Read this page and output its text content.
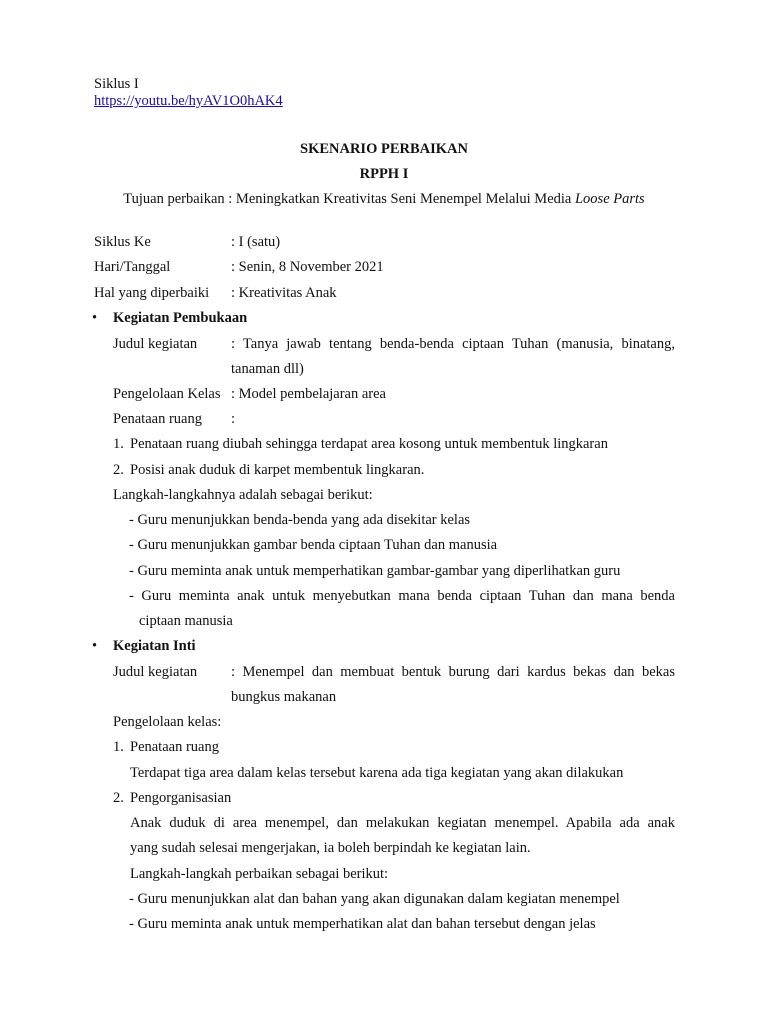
Siklus I
https://youtu.be/hyAV1O0hAK4
SKENARIO PERBAIKAN
RPPH I
Tujuan perbaikan : Meningkatkan Kreativitas Seni Menempel Melalui Media Loose Parts
Siklus Ke	: I (satu)
Hari/Tanggal	: Senin, 8 November 2021
Hal yang diperbaiki : Kreativitas Anak
• Kegiatan Pembukaan
Judul kegiatan : Tanya jawab tentang benda-benda ciptaan Tuhan (manusia, binatang,
tanaman dll)
Pengelolaan Kelas : Model pembelajaran area
Penataan ruang :
1. Penataan ruang diubah sehingga terdapat area kosong untuk membentuk lingkaran
2. Posisi anak duduk di karpet membentuk lingkaran.
Langkah-langkahnya adalah sebagai berikut:
- Guru menunjukkan benda-benda yang ada disekitar kelas
- Guru menunjukkan gambar benda ciptaan Tuhan dan manusia
- Guru meminta anak untuk memperhatikan gambar-gambar yang diperlihatkan guru
- Guru meminta anak untuk menyebutkan mana benda ciptaan Tuhan dan mana benda
ciptaan manusia
• Kegiatan Inti
Judul kegiatan : Menempel dan membuat bentuk burung dari kardus bekas dan bekas
bungkus makanan
Pengelolaan kelas:
1. Penataan ruang
Terdapat tiga area dalam kelas tersebut karena ada tiga kegiatan yang akan dilakukan
2. Pengorganisasian
Anak duduk di area menempel, dan melakukan kegiatan menempel. Apabila ada anak
yang sudah selesai mengerjakan, ia boleh berpindah ke kegiatan lain.
Langkah-langkah perbaikan sebagai berikut:
- Guru menunjukkan alat dan bahan yang akan digunakan dalam kegiatan menempel
- Guru meminta anak untuk memperhatikan alat dan bahan tersebut dengan jelas
